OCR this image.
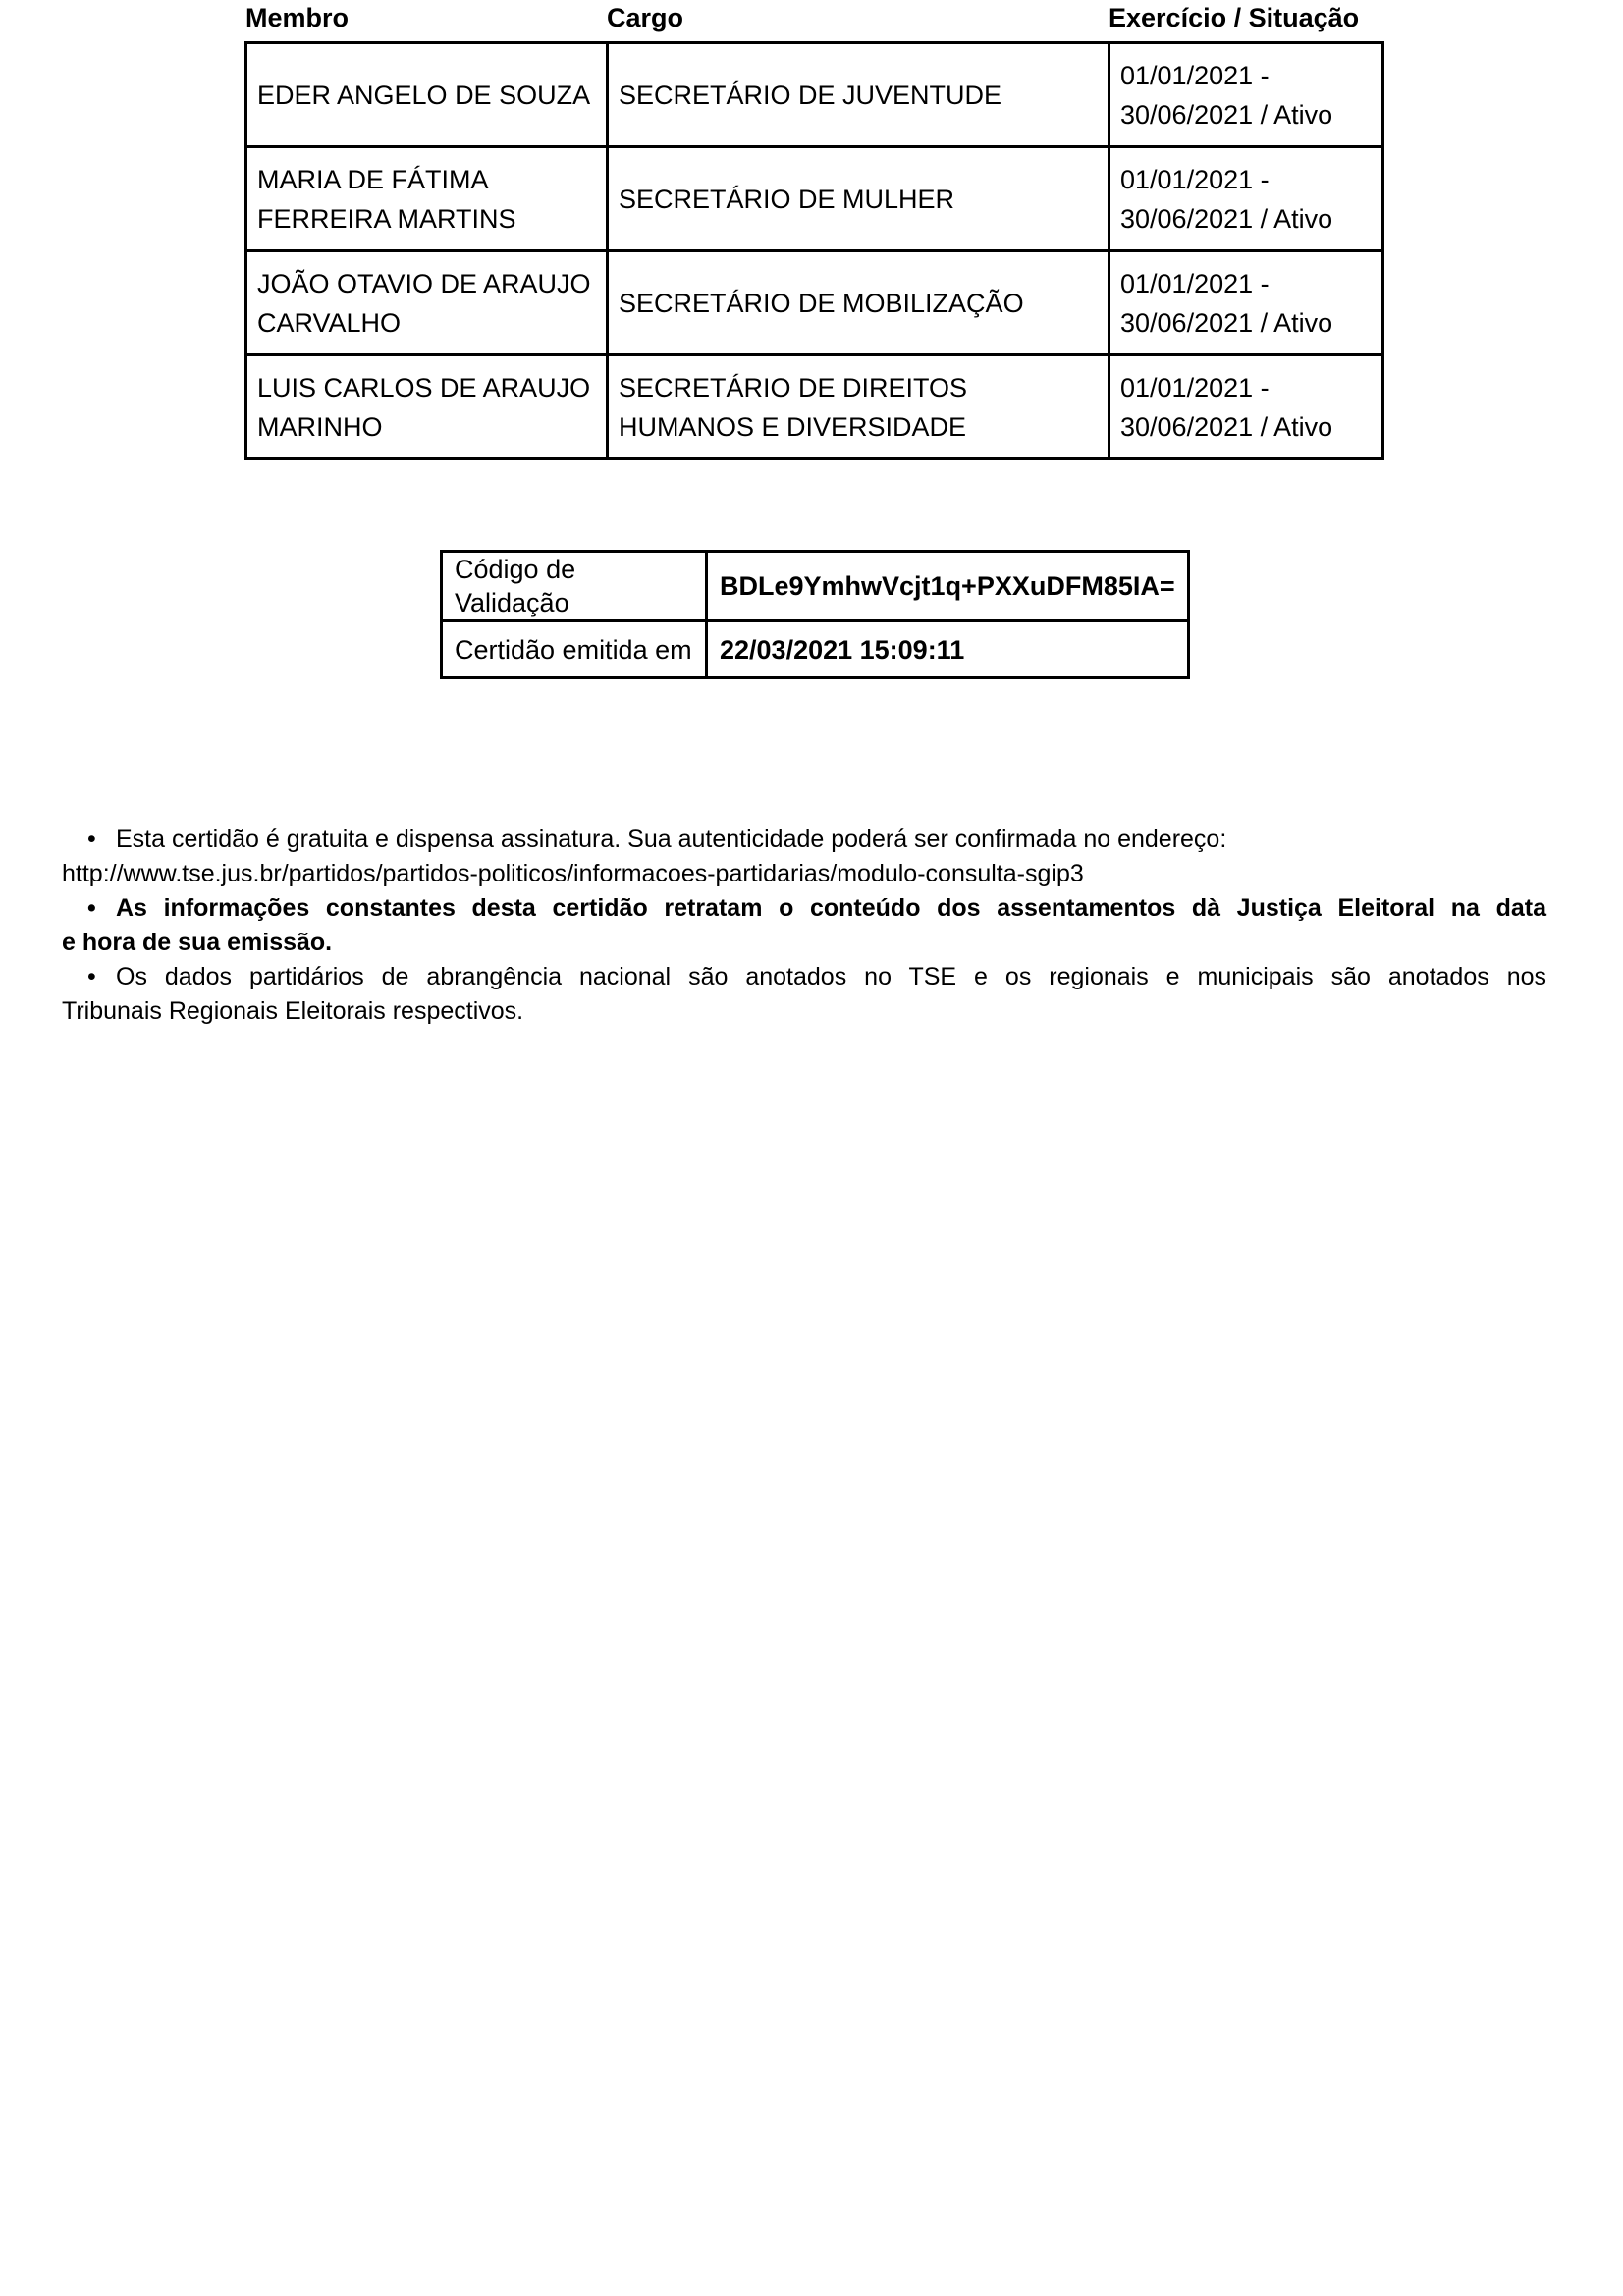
Membro	Cargo	Exercício / Situação
EDER ANGELO DE SOUZA	SECRETÁRIO DE JUVENTUDE	01/01/2021 -
30/06/2021 / Ativo
MARIA DE FÁTIMA
FERREIRA MARTINS	SECRETÁRIO DE MULHER	01/01/2021 -
30/06/2021 / Ativo
JOÃO OTAVIO DE ARAUJO
CARVALHO	SECRETÁRIO DE MOBILIZAÇÃO	01/01/2021 -
30/06/2021 / Ativo
LUIS CARLOS DE ARAUJO
MARINHO	SECRETÁRIO DE DIREITOS
HUMANOS E DIVERSIDADE	01/01/2021 -
30/06/2021 / Ativo
Código de Validação	BDLe9YmhwVcjt1q+PXXuDFM85IA=
Certidão emitida em	22/03/2021 15:09:11
• Esta certidão é gratuita e dispensa assinatura. Sua autenticidade poderá ser confirmada no endereço:
http://www.tse.jus.br/partidos/partidos-politicos/informacoes-partidarias/modulo-consulta-sgip3
• As informações constantes desta certidão retratam o conteúdo dos assentamentos dà Justiça Eleitoral na data
e hora de sua emissão.
• Os dados partidários de abrangência nacional são anotados no TSE e os regionais e municipais são anotados nos
Tribunais Regionais Eleitorais respectivos.
